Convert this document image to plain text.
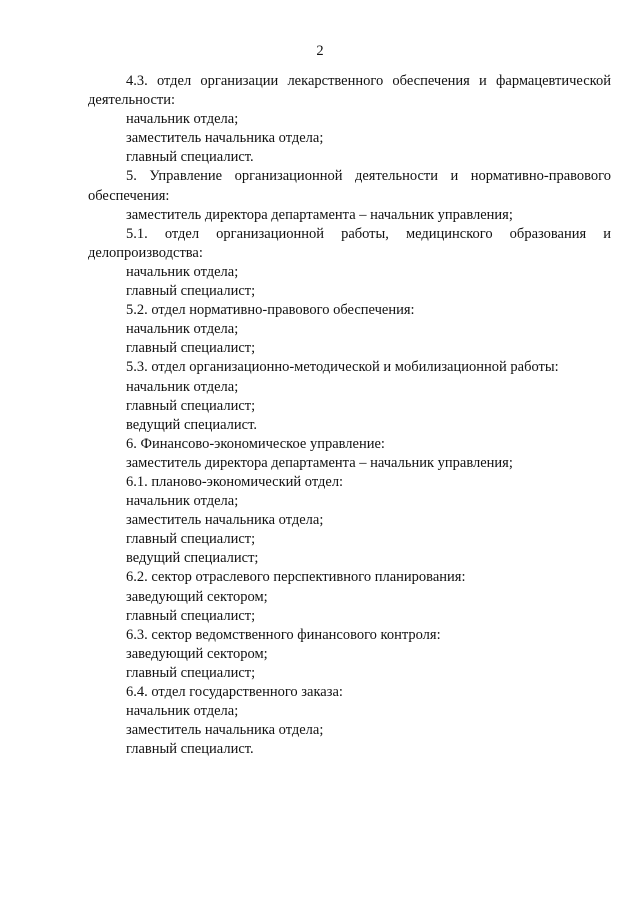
2
4.3. отдел организации лекарственного обеспечения и фармацевтической
деятельности:
начальник отдела;
заместитель начальника отдела;
главный специалист.
5. Управление организационной деятельности и нормативно-правового
обеспечения:
заместитель директора департамента – начальник управления;
5.1. отдел организационной работы, медицинского образования и
делопроизводства:
начальник отдела;
главный специалист;
5.2. отдел нормативно-правового обеспечения:
начальник отдела;
главный специалист;
5.3. отдел организационно-методической и мобилизационной работы:
начальник отдела;
главный специалист;
ведущий специалист.
6. Финансово-экономическое управление:
заместитель директора департамента – начальник управления;
6.1. планово-экономический отдел:
начальник отдела;
заместитель начальника отдела;
главный специалист;
ведущий специалист;
6.2. сектор отраслевого перспективного планирования:
заведующий сектором;
главный специалист;
6.3. сектор ведомственного финансового контроля:
заведующий сектором;
главный специалист;
6.4. отдел государственного заказа:
начальник отдела;
заместитель начальника отдела;
главный специалист.
